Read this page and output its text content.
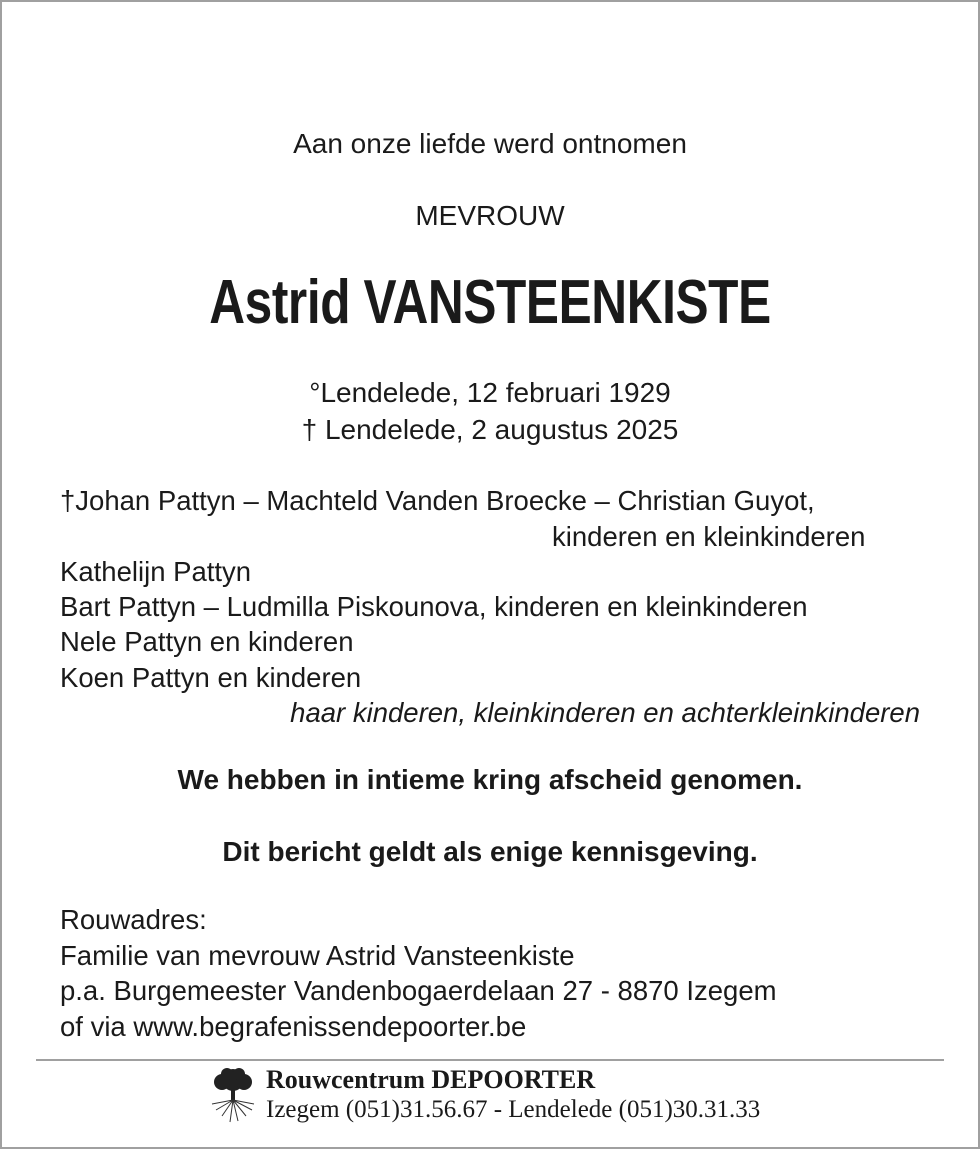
Aan onze liefde werd ontnomen
MEVROUW
Astrid VANSTEENKISTE
°Lendelede, 12 februari 1929
† Lendelede, 2 augustus 2025
†Johan Pattyn – Machteld Vanden Broecke – Christian Guyot,
kinderen en kleinkinderen
Kathelijn Pattyn
Bart Pattyn – Ludmilla Piskounova, kinderen en kleinkinderen
Nele Pattyn en kinderen
Koen Pattyn en kinderen
haar kinderen, kleinkinderen en achterkleinkinderen
We hebben in intieme kring afscheid genomen.
Dit bericht geldt als enige kennisgeving.
Rouwadres:
Familie van mevrouw Astrid Vansteenkiste
p.a. Burgemeester Vandenbogaerdelaan 27 - 8870 Izegem
of via www.begrafenissendepoorter.be
Rouwcentrum DEPOORTER
Izegem (051)31.56.67 - Lendelede (051)30.31.33
